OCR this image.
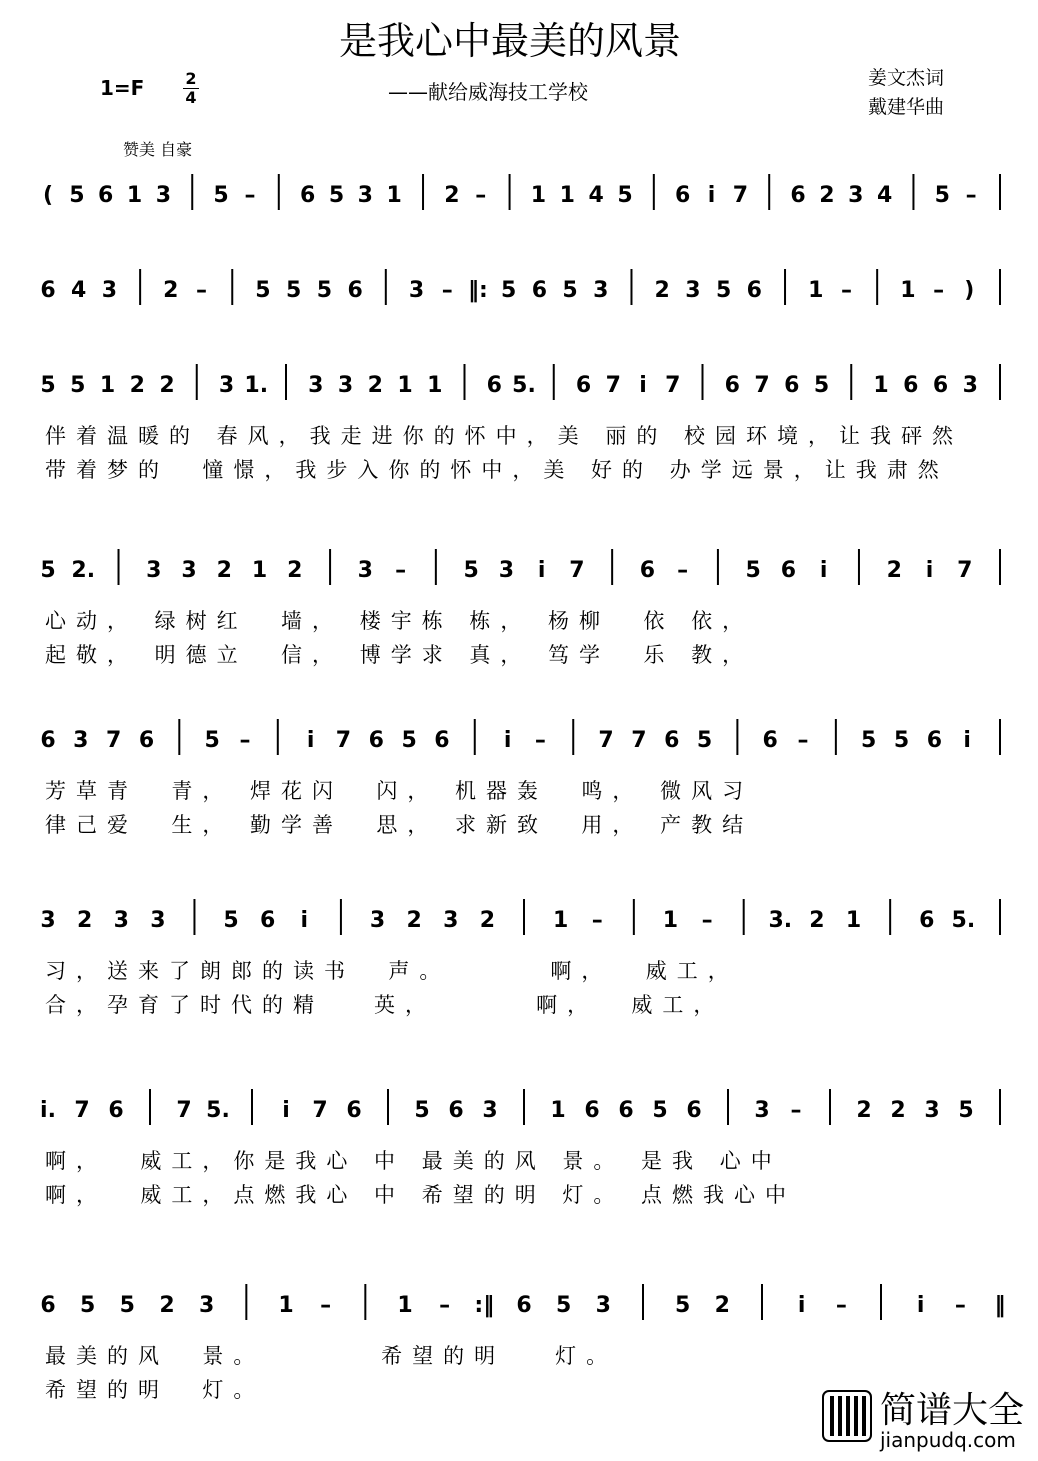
是我心中最美的风景
1=F	2
4	——献给威海技工学校
姜文杰词
戴建华曲
赞美 自豪
( 5 6 1 3 5 – 6 5 3 1 2 – 1 1 4 5 6 i 7 6 2 3 4 5 –
6 4 3 2 – 5 5 5 6 3 – ‖: 5 6 5 3 2 3 5 6 1 – 1 – )
5 5 1 2 2 3 1. 3 3 2 1 1 6 5. 6 7 i 7 6 7 6 5 1 6 6 3
伴着温暖的 春风，我走进你的怀中，美 丽的 校园环境，让我砰然
带着梦的  憧憬，我步入你的怀中，美 好的 办学远景，让我肃然
5 2. 3 3 2 1 2	3 –	5 3 i 7	6 –	5 6 i	2 i 7
心动， 绿树红  墙， 楼宇栋 栋， 杨柳  依 依，
起敬， 明德立  信， 博学求 真， 笃学  乐 教，
6 3 7 6 5 –	i 7 6 5 6 i – 7 7 6 5 6 – 5 5 6 i
芳草青  青， 焊花闪  闪， 机器轰  鸣， 微风习
律己爱  生， 勤学善  思， 求新致  用， 产教结
3 2 3 3	5 6 i	3 2 3 2	1 –	1 –	3. 2 1	6 5.
习，送来了朗郎的读书  声。      啊，  威工，
合，孕育了时代的精   英，      啊，  威工，
i. 7 6 7 5. i 7 6 5 6 3 1 6 6 5 6 3 – 2 2 3 5
啊，  威工，你是我心 中 最美的风 景。 是我 心中
啊，  威工，点燃我心 中 希望的明 灯。 点燃我心中
6 5 5 2 3	1 –	1 – :‖ 6 5 3	5 2	i –	i – ‖
最美的风  景。       希望的明   灯。
希望的明  灯。	简谱大全
jianpudq.com
